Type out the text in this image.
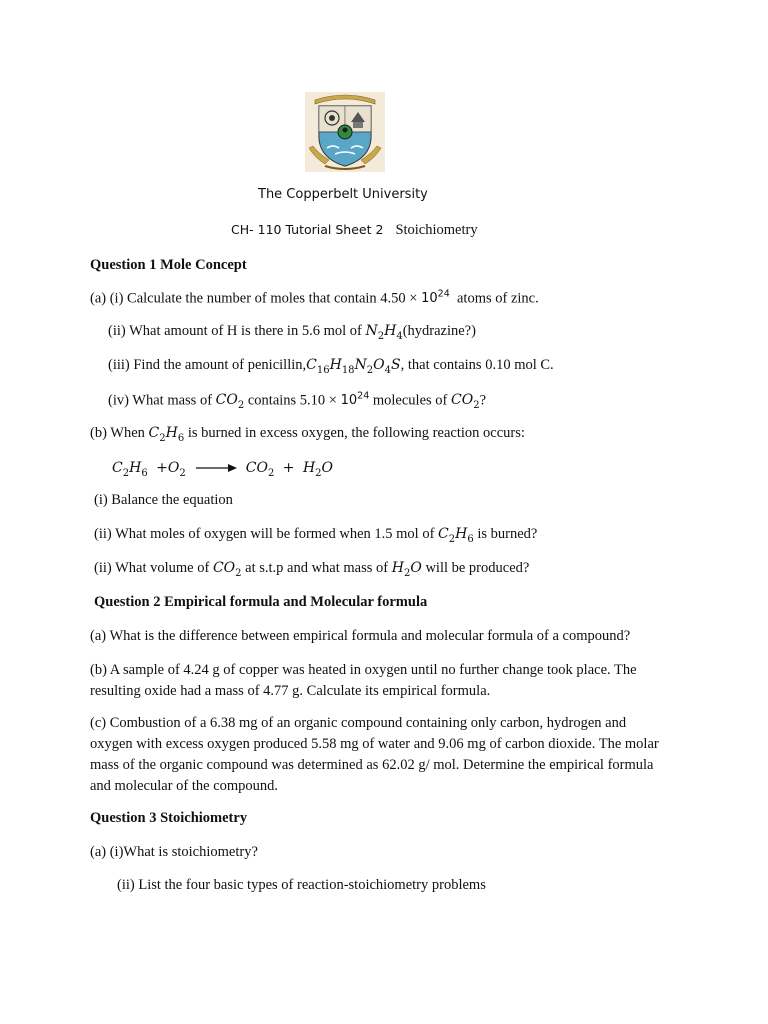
The Copperbelt University
CH- 110 Tutorial Sheet 2 Stoichiometry
Question 1 Mole Concept
(a) (i) Calculate the number of moles that contain $4.50 \times 10^{24}$ atoms of zinc.
(ii) What amount of H is there in 5.6 mol of $N_2H_4(hydrazine?)$
(iii) Find the amount of $penicillin,C_{16}H_{18}N_2O_4S$, that contains 0.10 mol C.
(iv) What mass of $CO_2$ contains $5.10 \times 10^{24}$ molecules of $CO_2$?
(b) When $C_2H_6$ is burned in excess oxygen, the following reaction occurs:
$C_2H_6 +O_2 \to CO_2 + H_2O$
(i) Balance the equation
(ii) What moles of oxygen will be formed when 1.5 mol of $C_2H_6$ is burned?
(ii) What volume of $CO_2$ at s.t.p and what mass of $H_2O$ will be produced?
Question 2 Empirical formula and Molecular formula
(a) What is the difference between empirical formula and molecular formula of a compound?
(b) A sample of 4.24 g of copper was heated in oxygen until no further change took place. The resulting oxide had a mass of 4.77 g. Calculate its empirical formula.
(c) Combustion of a 6.38 mg of an organic compound containing only carbon, hydrogen and oxygen with excess oxygen produced 5.58 mg of water and 9.06 mg of carbon dioxide. The molar mass of the organic compound was determined as 62.02 g/ mol. Determine the empirical formula and molecular of the compound.
Question 3 Stoichiometry
(a) (i)What is stoichiometry?
(ii) List the four basic types of reaction-stoichiometry problems
